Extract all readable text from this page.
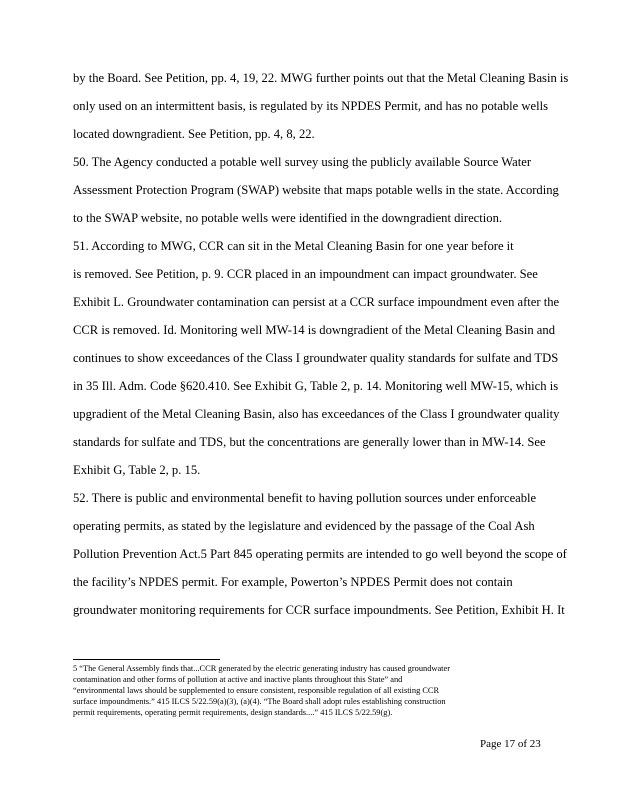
by the Board. See Petition, pp. 4, 19, 22. MWG further points out that the Metal Cleaning Basin is
only used on an intermittent basis, is regulated by its NPDES Permit, and has no potable wells
located downgradient. See Petition, pp. 4, 8, 22.
50. The Agency conducted a potable well survey using the publicly available Source Water
Assessment Protection Program (SWAP) website that maps potable wells in the state. According
to the SWAP website, no potable wells were identified in the downgradient direction.
51. According to MWG, CCR can sit in the Metal Cleaning Basin for one year before it
is removed. See Petition, p. 9. CCR placed in an impoundment can impact groundwater. See
Exhibit L. Groundwater contamination can persist at a CCR surface impoundment even after the
CCR is removed. Id. Monitoring well MW-14 is downgradient of the Metal Cleaning Basin and
continues to show exceedances of the Class I groundwater quality standards for sulfate and TDS
in 35 Ill. Adm. Code §620.410. See Exhibit G, Table 2, p. 14. Monitoring well MW-15, which is
upgradient of the Metal Cleaning Basin, also has exceedances of the Class I groundwater quality
standards for sulfate and TDS, but the concentrations are generally lower than in MW-14. See
Exhibit G, Table 2, p. 15.
52. There is public and environmental benefit to having pollution sources under enforceable
operating permits, as stated by the legislature and evidenced by the passage of the Coal Ash
Pollution Prevention Act.5 Part 845 operating permits are intended to go well beyond the scope of
the facility’s NPDES permit. For example, Powerton’s NPDES Permit does not contain
groundwater monitoring requirements for CCR surface impoundments. See Petition, Exhibit H. It
5 “The General Assembly finds that...CCR generated by the electric generating industry has caused groundwater
contamination and other forms of pollution at active and inactive plants throughout this State” and
“environmental laws should be supplemented to ensure consistent, responsible regulation of all existing CCR
surface impoundments.” 415 ILCS 5/22.59(a)(3), (a)(4). “The Board shall adopt rules establishing construction
permit requirements, operating permit requirements, design standards....” 415 ILCS 5/22.59(g).
Page 17 of 23
